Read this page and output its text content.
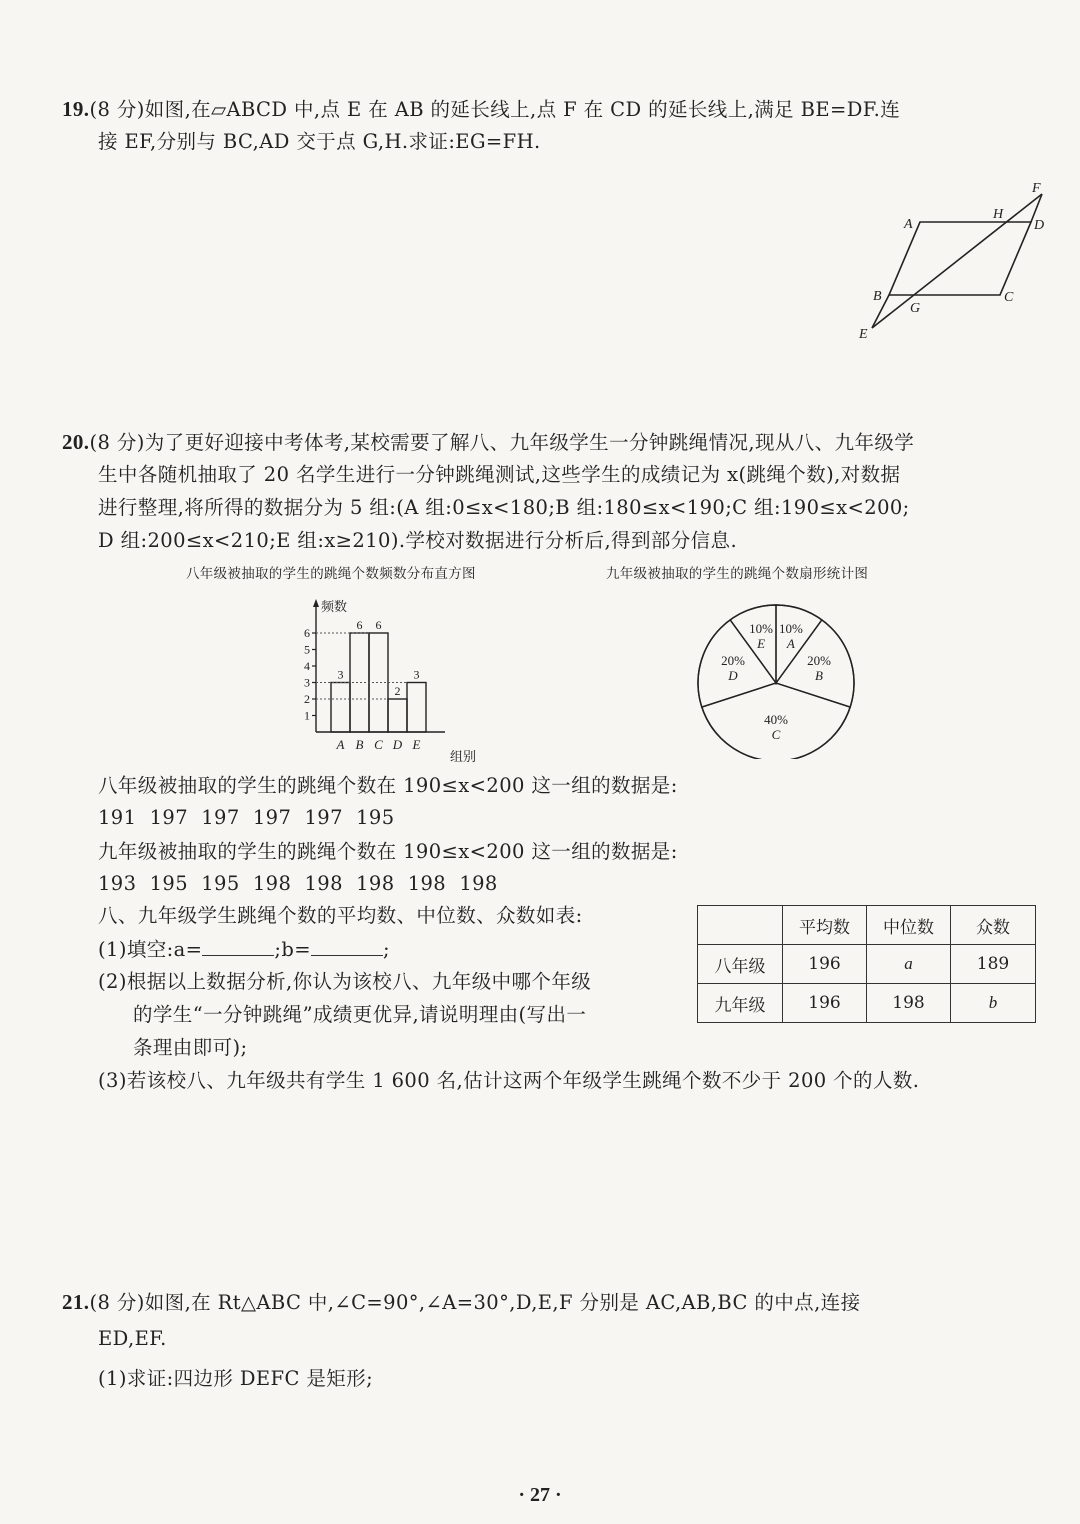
19.(8 分)如图,在▱ABCD 中,点 E 在 AB 的延长线上,点 F 在 CD 的延长线上,满足 BE=DF.连
接 EF,分别与 BC,AD 交于点 G,H.求证:EG=FH.
F
A
H
D
B
G
C
E
20.(8 分)为了更好迎接中考体考,某校需要了解八、九年级学生一分钟跳绳情况,现从八、九年级学
生中各随机抽取了 20 名学生进行一分钟跳绳测试,这些学生的成绩记为 x(跳绳个数),对数据
进行整理,将所得的数据分为 5 组:(A 组:0≤x<180;B 组:180≤x<190;C 组:190≤x<200;
D 组:200≤x<210;E 组:x≥210).学校对数据进行分析后,得到部分信息.
八年级被抽取的学生的跳绳个数频数分布直方图	九年级被抽取的学生的跳绳个数扇形统计图
频数
组别
1
2
3
4
5
6
3
A
6
B
6
C
2
D
3
E
10%
E
10%
A
20%
B
40%
C
20%
D
八年级被抽取的学生的跳绳个数在 190≤x<200 这一组的数据是:
191  197  197  197  197  195
九年级被抽取的学生的跳绳个数在 190≤x<200 这一组的数据是:
193  195  195  198  198  198  198  198
八、九年级学生跳绳个数的平均数、中位数、众数如表:
(1)填空:a=	;b=	;
(2)根据以上数据分析,你认为该校八、九年级中哪个年级
的学生“一分钟跳绳”成绩更优异,请说明理由(写出一
条理由即可);
(3)若该校八、九年级共有学生 1 600 名,估计这两个年级学生跳绳个数不少于 200 个的人数.
	平均数	中位数	众数
八年级	196	a	189
九年级	196	198	b
21.(8 分)如图,在 Rt△ABC 中,∠C=90°,∠A=30°,D,E,F 分别是 AC,AB,BC 的中点,连接
ED,EF.
(1)求证:四边形 DEFC 是矩形;
· 27 ·
